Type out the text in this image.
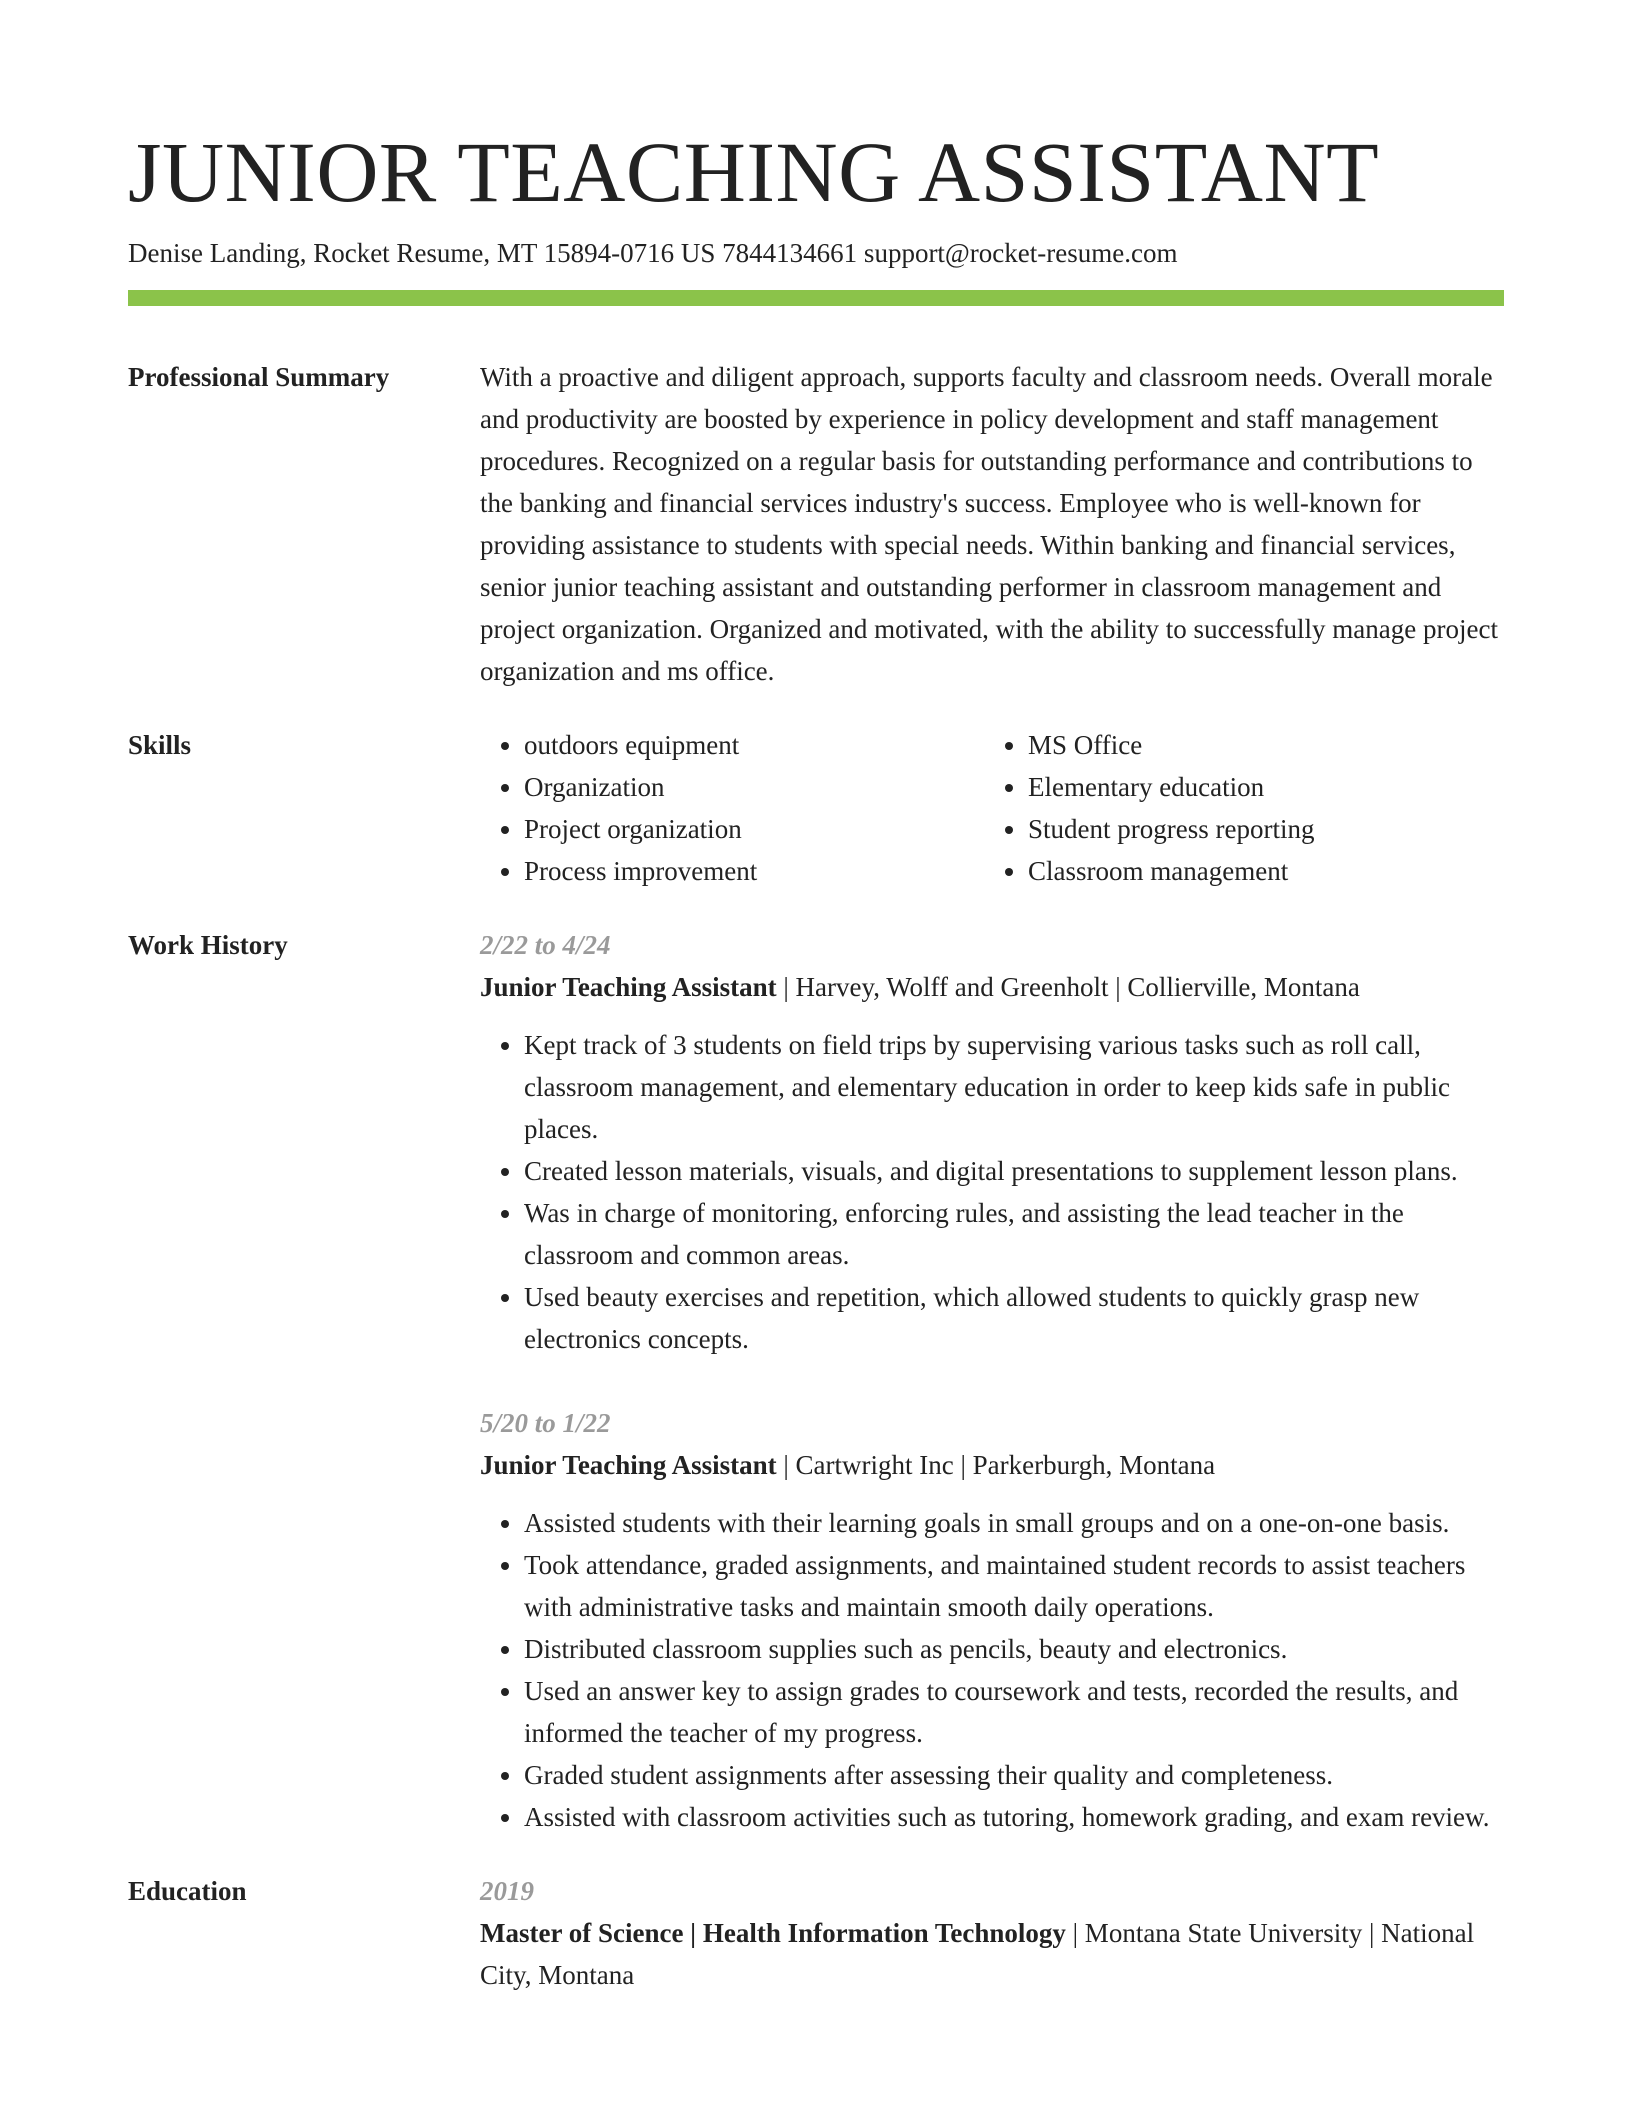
JUNIOR TEACHING ASSISTANT
Denise Landing, Rocket Resume, MT 15894-0716 US 7844134661 support@rocket-resume.com
Professional Summary	With a proactive and diligent approach, supports faculty and classroom needs. Overall morale and productivity are boosted by experience in policy development and staff management procedures. Recognized on a regular basis for outstanding performance and contributions to the banking and financial services industry's success. Employee who is well-known for providing assistance to students with special needs. Within banking and financial services, senior junior teaching assistant and outstanding performer in classroom management and project organization. Organized and motivated, with the ability to successfully manage project organization and ms office.

Skills
•	outdoors equipment
• Organization
• Project organization
• Process improvement
• MS Office
• Elementary education
• Student progress reporting
• Classroom management
Work History	2/22 to 4/24
Junior Teaching Assistant | Harvey, Wolff and Greenholt | Collierville, Montana
• Kept track of 3 students on field trips by supervising various tasks such as roll call, classroom management, and elementary education in order to keep kids safe in public places.
• Created lesson materials, visuals, and digital presentations to supplement lesson plans.
• Was in charge of monitoring, enforcing rules, and assisting the lead teacher in the classroom and common areas.
• Used beauty exercises and repetition, which allowed students to quickly grasp new electronics concepts.
5/20 to 1/22
Junior Teaching Assistant | Cartwright Inc | Parkerburgh, Montana
• Assisted students with their learning goals in small groups and on a one-on-one basis.
• Took attendance, graded assignments, and maintained student records to assist teachers with administrative tasks and maintain smooth daily operations.
• Distributed classroom supplies such as pencils, beauty and electronics.
• Used an answer key to assign grades to coursework and tests, recorded the results, and informed the teacher of my progress.
• Graded student assignments after assessing their quality and completeness.
• Assisted with classroom activities such as tutoring, homework grading, and exam review.
Education	2019
Master of Science | Health Information Technology | Montana State University | National City, Montana
